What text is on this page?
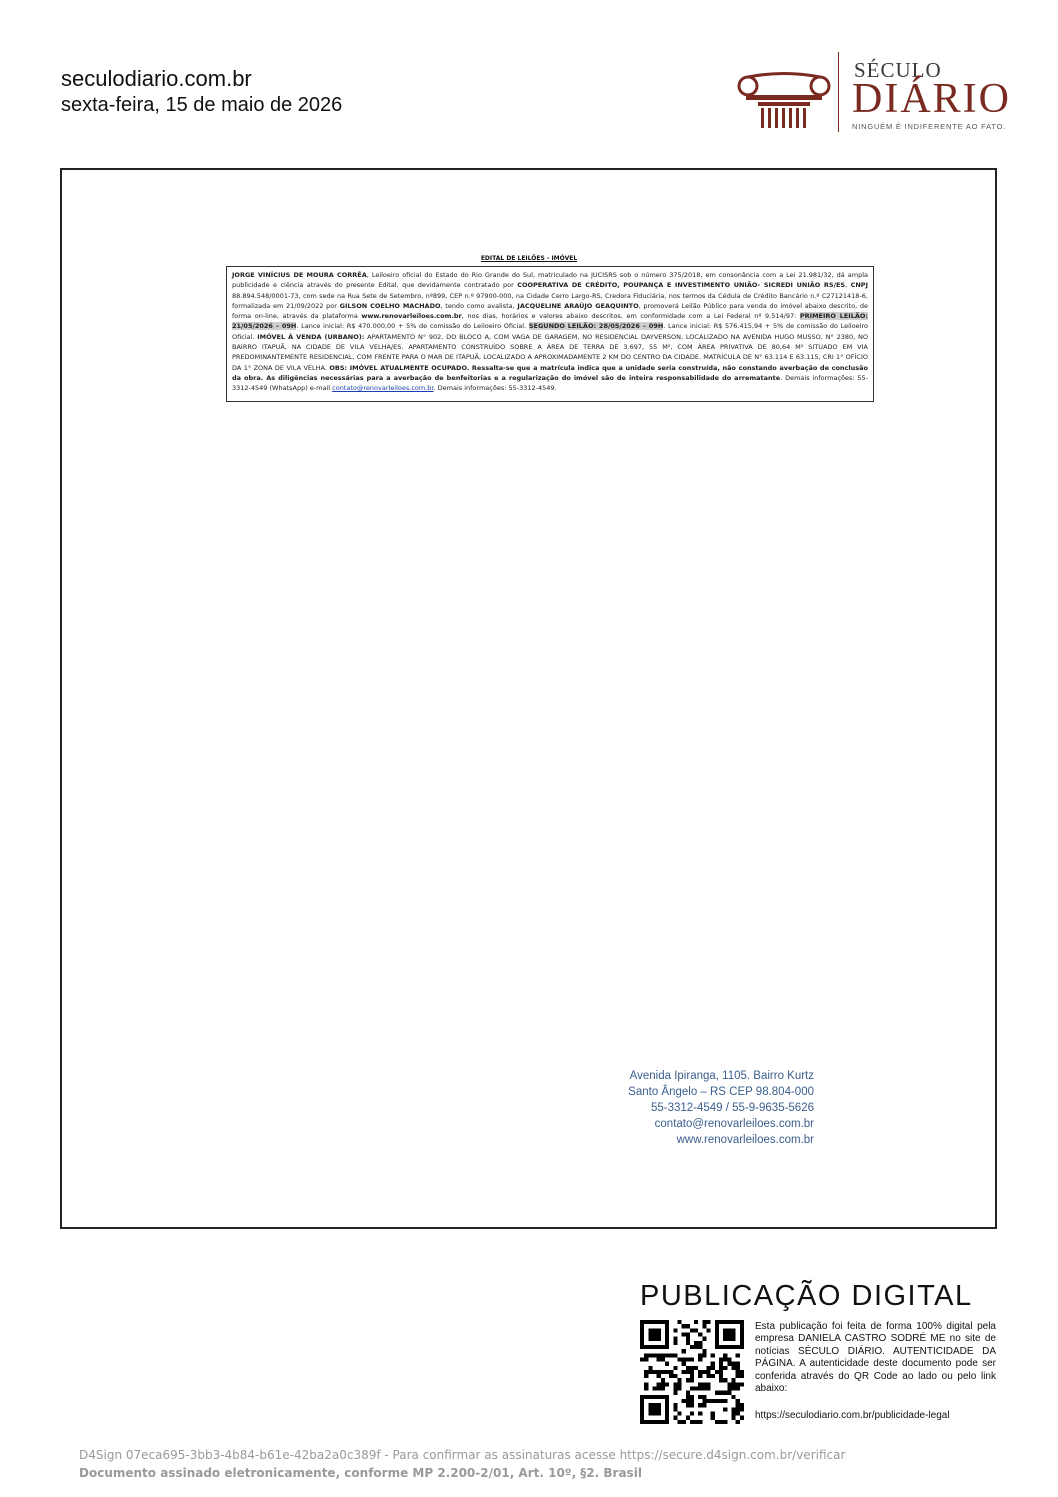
seculodiario.com.br
sexta-feira, 15 de maio de 2026
SÉCULO
DIÁRIO
NINGUÉM É INDIFERENTE AO FATO.
EDITAL DE LEILÕES - IMÓVEL
JORGE VINÍCIUS DE MOURA CORRÊA, Leiloeiro oficial do Estado do Rio Grande do Sul, matriculado na JUCISRS sob o número 375/2018, em consonância com a Lei 21.981/32, dá ampla publicidade e ciência através do presente Edital, que devidamente contratado por COOPERATIVA DE CRÉDITO, POUPANÇA E INVESTIMENTO UNIÃO- SICREDI UNIÃO RS/ES, CNPJ 88.894.548/0001-73, com sede na Rua Sete de Setembro, nº899, CEP n.º 97900-000, na Cidade Cerro Largo-RS, Credora Fiduciária, nos termos da Cédula de Crédito Bancário n.º C27121418-6, formalizada em 21/09/2022 por GILSON COELHO MACHADO, tendo como avalista, JACQUELINE ARAÚJO GEAQUINTO, promoverá Leilão Público para venda do imóvel abaixo descrito, de forma on-line, através da plataforma www.renovarleiloes.com.br, nos dias, horários e valores abaixo descritos, em conformidade com a Lei Federal nº 9.514/97: PRIMEIRO LEILÃO: 21/05/2026 – 09H. Lance inicial: R$ 470.000,00 + 5% de comissão do Leiloeiro Oficial. SEGUNDO LEILÃO: 28/05/2026 – 09H. Lance inicial: R$ 576.415,94 + 5% de comissão do Leiloeiro Oficial. IMÓVEL À VENDA (URBANO): APARTAMENTO N° 902, DO BLOCO A, COM VAGA DE GARAGEM, NO RESIDENCIAL DAYVERSON, LOCALIZADO NA AVENIDA HUGO MUSSO, N° 2380, NO BAIRRO ITAPUÃ, NA CIDADE DE VILA VELHA/ES. APARTAMENTO CONSTRUÍDO SOBRE A ÁREA DE TERRA DE 3.697, 55 M², COM ÁREA PRIVATIVA DE 80,64 M² SITUADO EM VIA PREDOMINANTEMENTE RESIDENCIAL, COM FRENTE PARA O MAR DE ITAPUÃ, LOCALIZADO A APROXIMADAMENTE 2 KM DO CENTRO DA CIDADE. MATRÍCULA DE N° 63.114 E 63.115, CRI 1° OFÍCIO DA 1° ZONA DE VILA VELHA. OBS: IMÓVEL ATUALMENTE OCUPADO. Ressalta-se que a matrícula indica que a unidade seria construída, não constando averbação de conclusão da obra. As diligências necessárias para a averbação de benfeitorias e a regularização do imóvel são de inteira responsabilidade do arrematante. Demais informações: 55-3312-4549 (WhatsApp) e-mail contato@renovarleiloes.com.br. Demais informações: 55-3312-4549.
Avenida Ipiranga, 1105. Bairro Kurtz
Santo Ângelo – RS CEP 98.804-000
55-3312-4549 / 55-9-9635-5626
contato@renovarleiloes.com.br
www.renovarleiloes.com.br
PUBLICAÇÃO DIGITAL
Esta publicação foi feita de forma 100% digital pela empresa DANIELA CASTRO SODRÉ ME no site de notícias SÉCULO DIÁRIO. AUTENTICIDADE DA PÁGINA. A autenticidade deste documento pode ser conferida através do QR Code ao lado ou pelo link abaixo:
https://seculodiario.com.br/publicidade-legal
D4Sign 07eca695-3bb3-4b84-b61e-42ba2a0c389f - Para confirmar as assinaturas acesse https://secure.d4sign.com.br/verificar
Documento assinado eletronicamente, conforme MP 2.200-2/01, Art. 10º, §2. Brasil
